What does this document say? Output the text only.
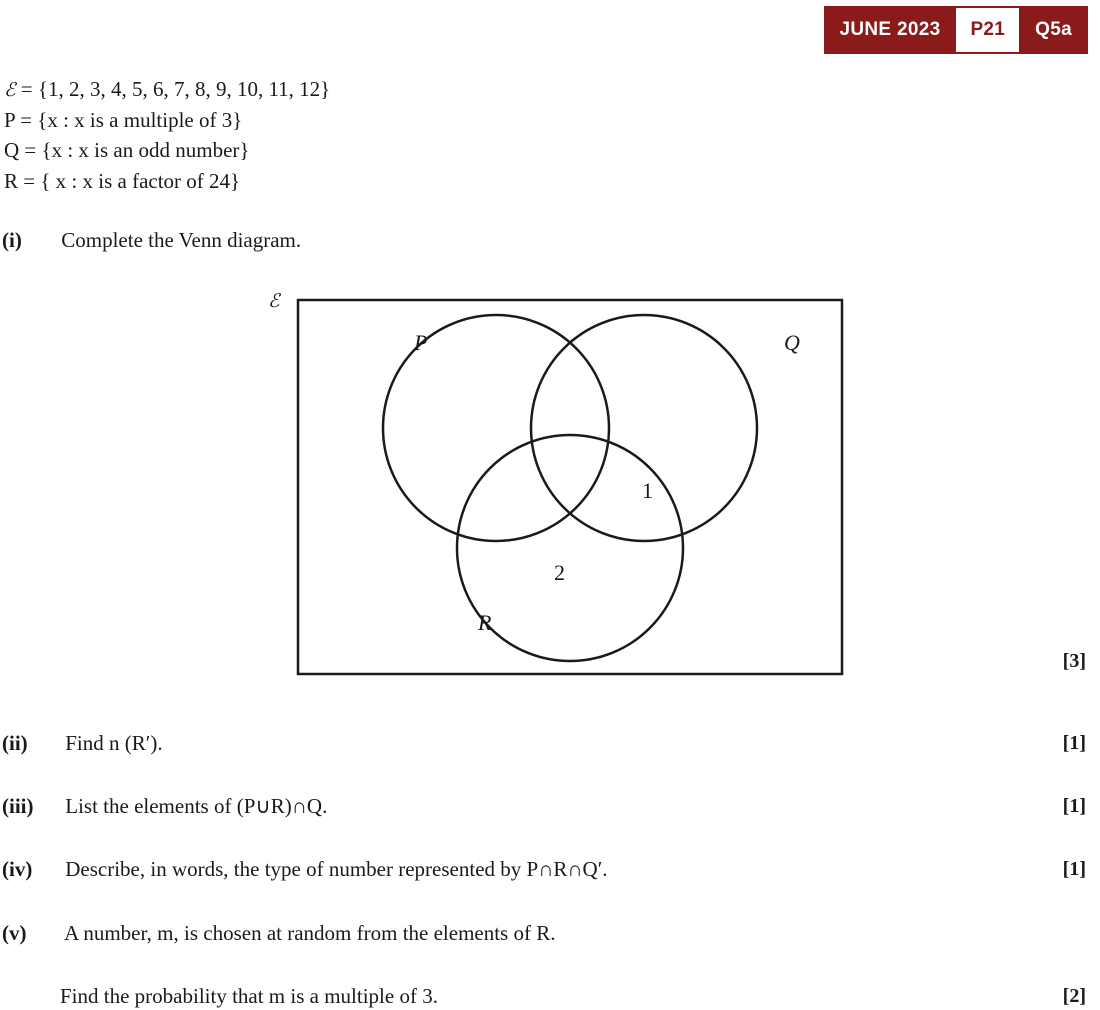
JUNE 2023	P21	Q5a
ℰ = {1, 2, 3, 4, 5, 6, 7, 8, 9, 10, 11, 12}
P = {x : x is a multiple of 3}
Q = {x : x is an odd number}
R = { x : x is a factor of 24}
(i) Complete the Venn diagram.
ℰ
P	Q
R
1
2
[3]
(ii) Find n (R′).	[1]
(iii) List the elements of (P∪R)∩Q.	[1]
(iv) Describe, in words, the type of number represented by P∩R∩Q′.	[1]
(v) A number, m, is chosen at random from the elements of R.
Find the probability that m is a multiple of 3.	[2]
